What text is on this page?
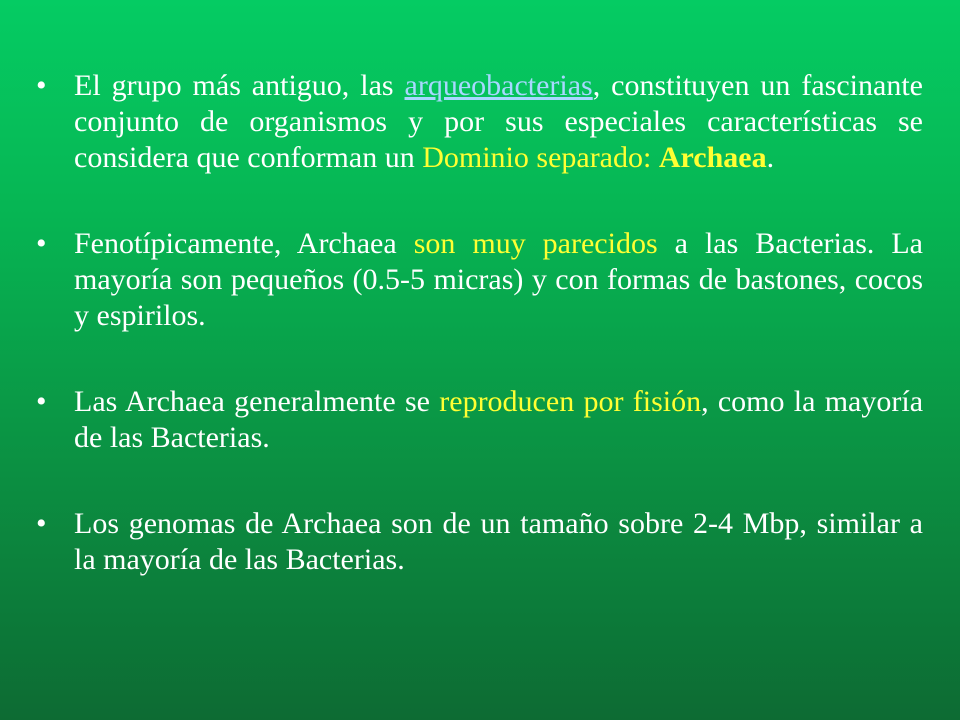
• El grupo más antiguo, las arqueobacterias, constituyen un fascinante conjunto de organismos y por sus especiales características se considera que conforman un Dominio separado: Archaea.
• Fenotípicamente, Archaea son muy parecidos a las Bacterias. La mayoría son pequeños (0.5-5 micras) y con formas de bastones, cocos y espirilos.
• Las Archaea generalmente se reproducen por fisión, como la mayoría de las Bacterias.
• Los genomas de Archaea son de un tamaño sobre 2-4 Mbp, similar a la mayoría de las Bacterias.
